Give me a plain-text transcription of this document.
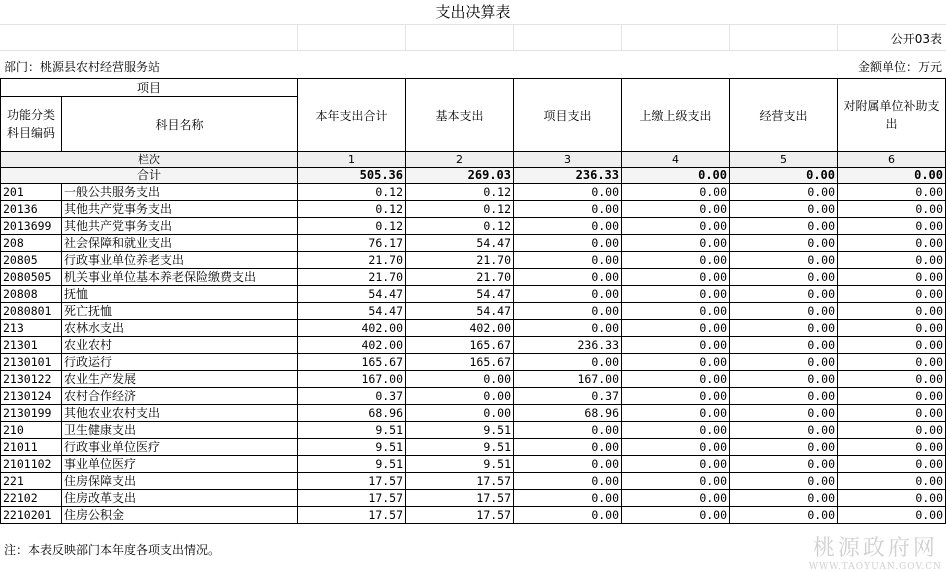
支出决算表
公开03表
部门：桃源县农村经营服务站	金额单位：万元
项目		本年支出合计	基本支出	项目支出	上缴上级支出	经营支出	对附属单位补助支出
功能分类科目编码	科目名称						
栏次		1	2	3	4	5	6
合计		505.36	269.03	236.33	0.00	0.00	0.00
201	一般公共服务支出	0.12	0.12	0.00	0.00	0.00	0.00
20136	其他共产党事务支出	0.12	0.12	0.00	0.00	0.00	0.00
2013699	其他共产党事务支出	0.12	0.12	0.00	0.00	0.00	0.00
208	社会保障和就业支出	76.17	54.47	0.00	0.00	0.00	0.00
20805	行政事业单位养老支出	21.70	21.70	0.00	0.00	0.00	0.00
2080505	机关事业单位基本养老保险缴费支出	21.70	21.70	0.00	0.00	0.00	0.00
20808	抚恤	54.47	54.47	0.00	0.00	0.00	0.00
2080801	死亡抚恤	54.47	54.47	0.00	0.00	0.00	0.00
213	农林水支出	402.00	402.00	0.00	0.00	0.00	0.00
21301	农业农村	402.00	165.67	236.33	0.00	0.00	0.00
2130101	行政运行	165.67	165.67	0.00	0.00	0.00	0.00
2130122	农业生产发展	167.00	0.00	167.00	0.00	0.00	0.00
2130124	农村合作经济	0.37	0.00	0.37	0.00	0.00	0.00
2130199	其他农业农村支出	68.96	0.00	68.96	0.00	0.00	0.00
210	卫生健康支出	9.51	9.51	0.00	0.00	0.00	0.00
21011	行政事业单位医疗	9.51	9.51	0.00	0.00	0.00	0.00
2101102	事业单位医疗	9.51	9.51	0.00	0.00	0.00	0.00
221	住房保障支出	17.57	17.57	0.00	0.00	0.00	0.00
22102	住房改革支出	17.57	17.57	0.00	0.00	0.00	0.00
2210201	住房公积金	17.57	17.57	0.00	0.00	0.00	0.00
注：本表反映部门本年度各项支出情况。	桃源政府网
WWW.TAOYUAN.GOV.CN
